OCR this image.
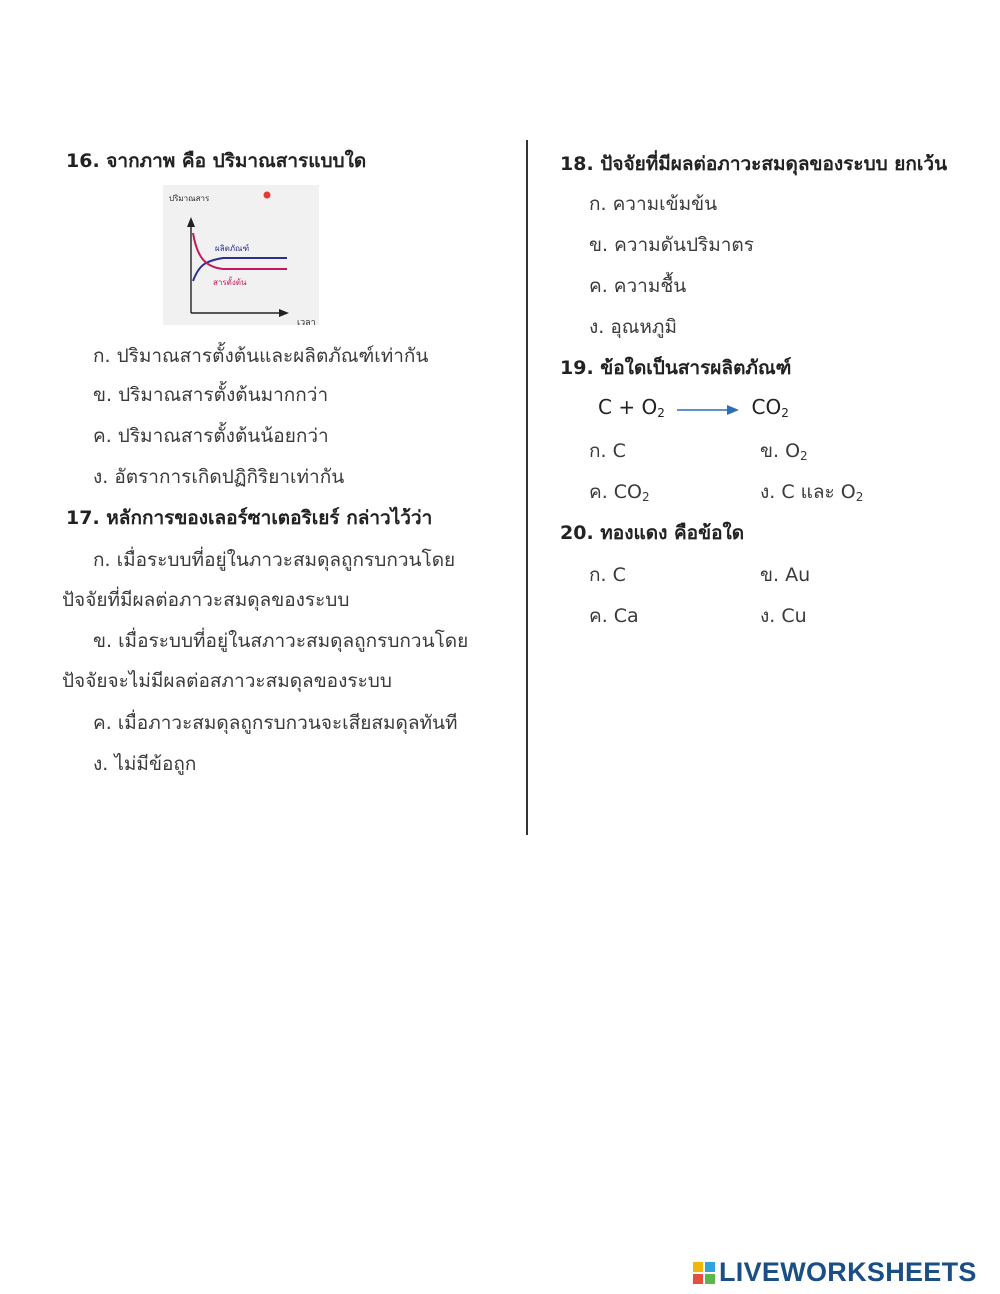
16. จากภาพ คือ ปริมาณสารแบบใด
ปริมาณสาร
ผลิตภัณฑ์
สารตั้งต้น
เวลา
ก. ปริมาณสารตั้งต้นและผลิตภัณฑ์เท่ากัน
ข. ปริมาณสารตั้งต้นมากกว่า
ค. ปริมาณสารตั้งต้นน้อยกว่า
ง. อัตราการเกิดปฏิกิริยาเท่ากัน
17. หลักการของเลอร์ซาเตอริเยร์ กล่าวไว้ว่า
ก. เมื่อระบบที่อยู่ในภาวะสมดุลถูกรบกวนโดย
ปัจจัยที่มีผลต่อภาวะสมดุลของระบบ
ข. เมื่อระบบที่อยู่ในสภาวะสมดุลถูกรบกวนโดย
ปัจจัยจะไม่มีผลต่อสภาวะสมดุลของระบบ
ค. เมื่อภาวะสมดุลถูกรบกวนจะเสียสมดุลทันที
ง. ไม่มีข้อถูก
18. ปัจจัยที่มีผลต่อภาวะสมดุลของระบบ ยกเว้น
ก. ความเข้มข้น
ข. ความดันปริมาตร
ค. ความชื้น
ง. อุณหภูมิ
19. ข้อใดเป็นสารผลิตภัณฑ์
$C + O_2 \to CO_2$
ก. C	ข. $O_2$
ค. $CO_2$	ง. C และ $O_2$
20. ทองแดง คือข้อใด
ก. C	ข. Au
ค. Ca	ง. Cu
LIVEWORKSHEETS
